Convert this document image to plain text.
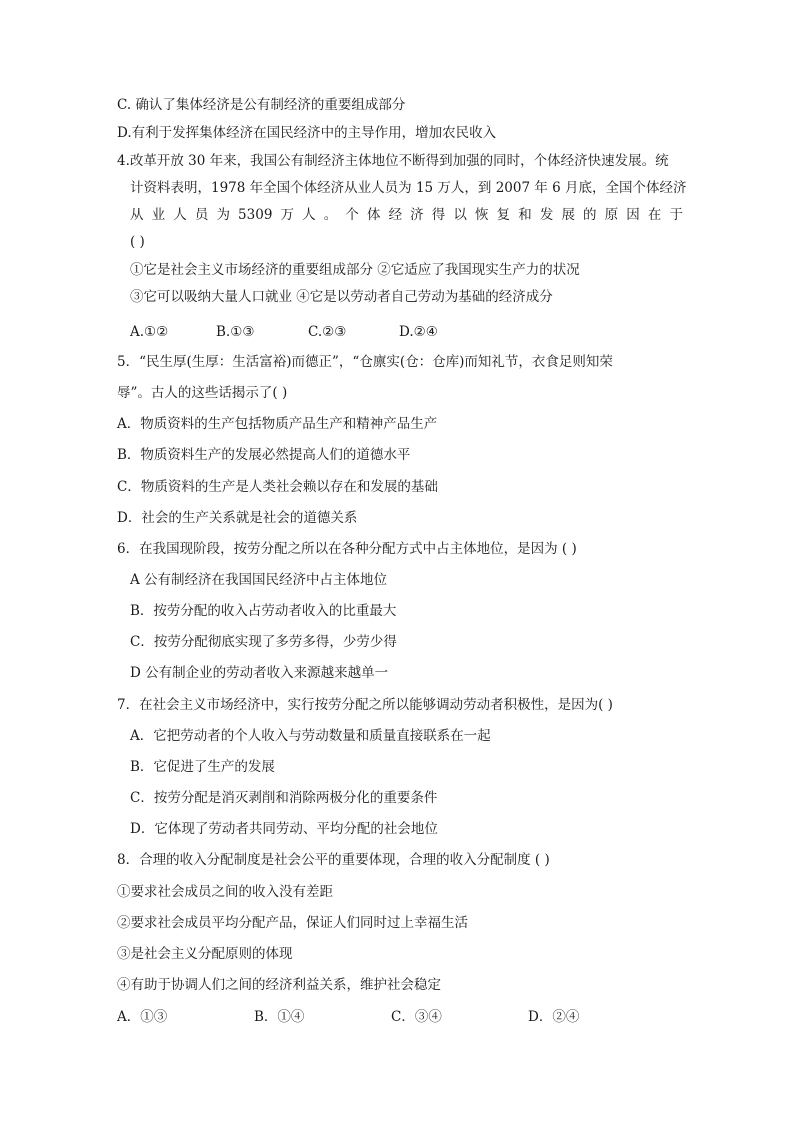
C. 确认了集体经济是公有制经济的重要组成部分
D.有利于发挥集体经济在国民经济中的主导作用，增加农民收入
4.改革开放 30 年来，我国公有制经济主体地位不断得到加强的同时，个体经济快速发展。统
计资料表明，1978 年全国个体经济从业人员为 15 万人，到 2007 年 6 月底，全国个体经济
从 业 人 员 为 5309 万 人 。 个 体 经 济 得 以 恢 复 和 发 展 的 原 因 在 于
( )
①它是社会主义市场经济的重要组成部分 ②它适应了我国现实生产力的状况
③它可以吸纳大量人口就业 ④它是以劳动者自己劳动为基础的经济成分
A.①②	B.①③	C.②③	D.②④
5．“民生厚(生厚：生活富裕)而德正”，“仓廪实(仓：仓库)而知礼节，衣食足则知荣
辱”。古人的这些话揭示了( )
A．物质资料的生产包括物质产品生产和精神产品生产
B．物质资料生产的发展必然提高人们的道德水平
C．物质资料的生产是人类社会赖以存在和发展的基础
D．社会的生产关系就是社会的道德关系
6．在我国现阶段，按劳分配之所以在各种分配方式中占主体地位，是因为 ( )
A 公有制经济在我国国民经济中占主体地位
B．按劳分配的收入占劳动者收入的比重最大
C．按劳分配彻底实现了多劳多得，少劳少得
D 公有制企业的劳动者收入来源越来越单一
7．在社会主义市场经济中，实行按劳分配之所以能够调动劳动者积极性，是因为( )
A．它把劳动者的个人收入与劳动数量和质量直接联系在一起
B．它促进了生产的发展
C．按劳分配是消灭剥削和消除两极分化的重要条件
D．它体现了劳动者共同劳动、平均分配的社会地位
8．合理的收入分配制度是社会公平的重要体现，合理的收入分配制度 ( )
①要求社会成员之间的收入没有差距
②要求社会成员平均分配产品，保证人们同时过上幸福生活
③是社会主义分配原则的体现
④有助于协调人们之间的经济利益关系，维护社会稳定
A．①③	B．①④	C．③④	D．②④
